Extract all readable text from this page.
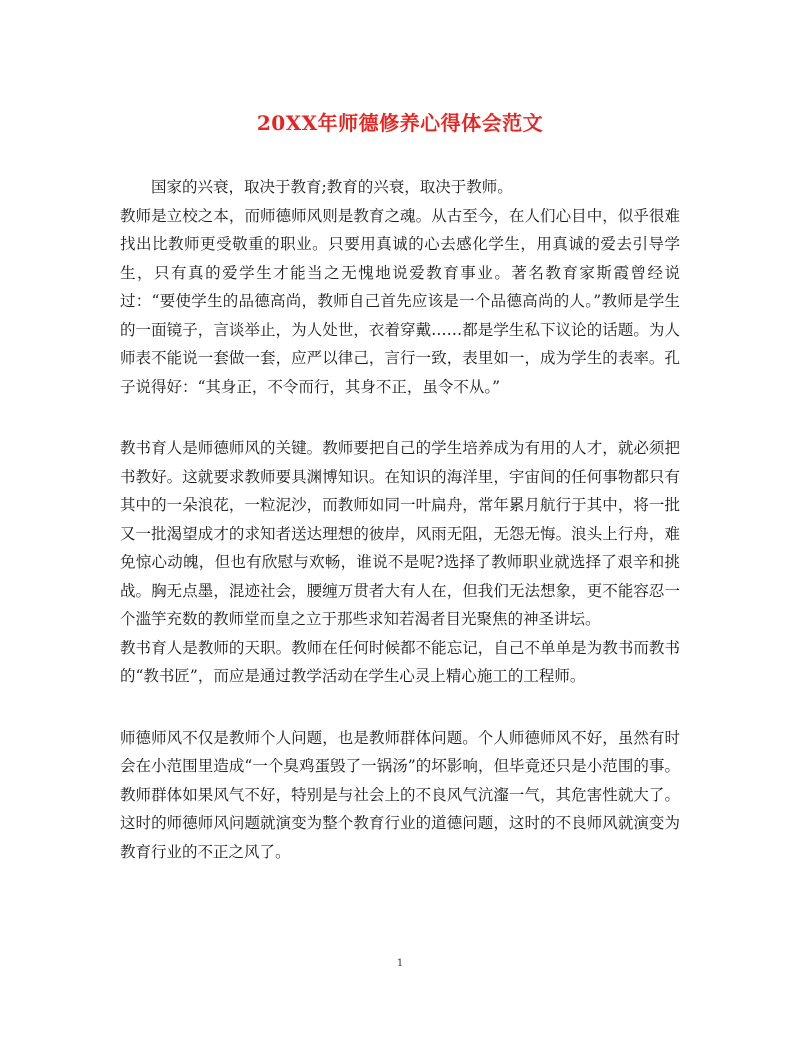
20XX年师德修养心得体会范文

国家的兴衰，取决于教育;教育的兴衰，取决于教师。

教师是立校之本，而师德师风则是教育之魂。从古至今，在人们心目中，似乎很难找出比教师更受敬重的职业。只要用真诚的心去感化学生，用真诚的爱去引导学生，只有真的爱学生才能当之无愧地说爱教育事业。著名教育家斯霞曾经说过：“要使学生的品德高尚，教师自己首先应该是一个品德高尚的人。”教师是学生的一面镜子，言谈举止，为人处世，衣着穿戴……都是学生私下议论的话题。为人师表不能说一套做一套，应严以律己，言行一致，表里如一，成为学生的表率。孔子说得好：“其身正，不令而行，其身不正，虽令不从。”

教书育人是师德师风的关键。教师要把自己的学生培养成为有用的人才，就必须把书教好。这就要求教师要具渊博知识。在知识的海洋里，宇宙间的任何事物都只有其中的一朵浪花，一粒泥沙，而教师如同一叶扁舟，常年累月航行于其中，将一批又一批渴望成才的求知者送达理想的彼岸，风雨无阻，无怨无悔。浪头上行舟，难免惊心动魄，但也有欣慰与欢畅，谁说不是呢?选择了教师职业就选择了艰辛和挑战。胸无点墨，混迹社会，腰缠万贯者大有人在，但我们无法想象，更不能容忍一个滥竽充数的教师堂而皇之立于那些求知若渴者目光聚焦的神圣讲坛。

教书育人是教师的天职。教师在任何时候都不能忘记，自己不单单是为教书而教书的“教书匠”，而应是通过教学活动在学生心灵上精心施工的工程师。

师德师风不仅是教师个人问题，也是教师群体问题。个人师德师风不好，虽然有时会在小范围里造成“一个臭鸡蛋毁了一锅汤”的坏影响，但毕竟还只是小范围的事。教师群体如果风气不好，特别是与社会上的不良风气沆瀣一气，其危害性就大了。这时的师德师风问题就演变为整个教育行业的道德问题，这时的不良师风就演变为教育行业的不正之风了。

1
